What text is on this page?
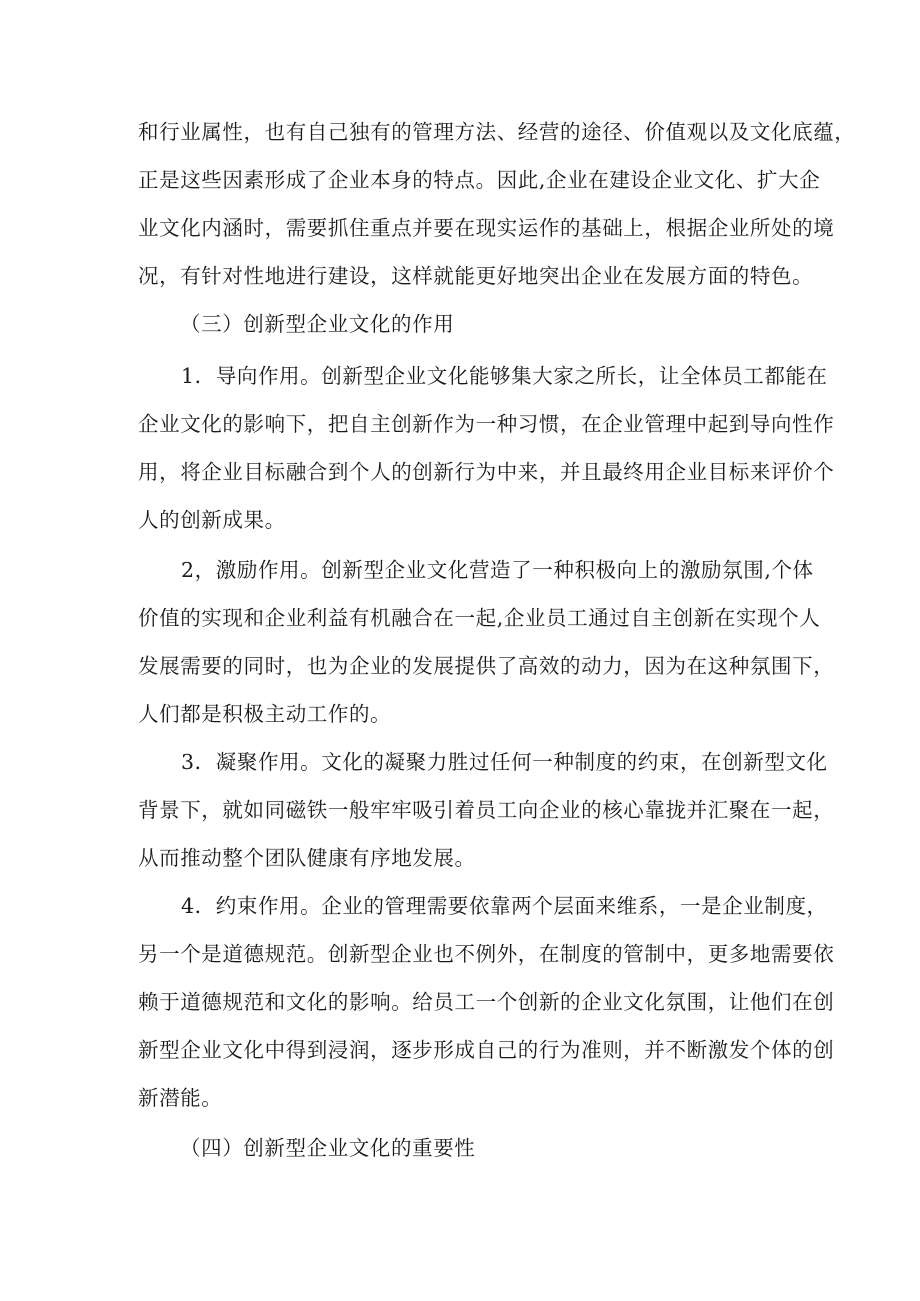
和行业属性，也有自己独有的管理方法、经营的途径、价值观以及文化底蕴，
正是这些因素形成了企业本身的特点。因此,企业在建设企业文化、扩大企
业文化内涵时，需要抓住重点并要在现实运作的基础上，根据企业所处的境
况，有针对性地进行建设，这样就能更好地突出企业在发展方面的特色。
（三）创新型企业文化的作用
1．导向作用。创新型企业文化能够集大家之所长，让全体员工都能在
企业文化的影响下，把自主创新作为一种习惯，在企业管理中起到导向性作
用，将企业目标融合到个人的创新行为中来，并且最终用企业目标来评价个
人的创新成果。
2，激励作用。创新型企业文化营造了一种积极向上的激励氛围,个体
价值的实现和企业利益有机融合在一起,企业员工通过自主创新在实现个人
发展需要的同时，也为企业的发展提供了高效的动力，因为在这种氛围下，
人们都是积极主动工作的。
3．凝聚作用。文化的凝聚力胜过任何一种制度的约束，在创新型文化
背景下，就如同磁铁一般牢牢吸引着员工向企业的核心靠拢并汇聚在一起，
从而推动整个团队健康有序地发展。
4．约束作用。企业的管理需要依靠两个层面来维系，一是企业制度，
另一个是道德规范。创新型企业也不例外，在制度的管制中，更多地需要依
赖于道德规范和文化的影响。给员工一个创新的企业文化氛围，让他们在创
新型企业文化中得到浸润，逐步形成自己的行为准则，并不断激发个体的创
新潜能。
（四）创新型企业文化的重要性
